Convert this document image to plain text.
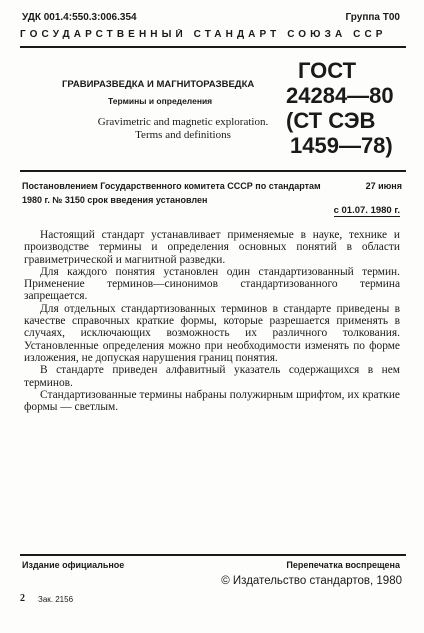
УДК 001.4:550.3:006.354	Группа Т00
ГОСУДАРСТВЕННЫЙ СТАНДАРТ СОЮЗА ССР
ГРАВИРАЗВЕДКА И МАГНИТОРАЗВЕДКА
Термины и определения
Gravimetric and magnetic exploration.
Terms and definitions
ГОСТ
24284—80
(СТ СЭВ
1459—78)
Постановлением Государственного комитета СССР по стандартам	27 июня
1980 г. № 3150 срок введения установлен
с 01.07. 1980 г.

Настоящий стандарт устанавливает применяемые в науке, технике и производстве термины и определения основных понятий в области гравиметрической и магнитной разведки.

Для каждого понятия установлен один стандартизованный термин. Применение терминов—синонимов стандартизованного термина запрещается.

Для отдельных стандартизованных терминов в стандарте приведены в качестве справочных краткие формы, которые разрешается применять в случаях, исключающих возможность их различного толкования. Установленные определения можно при необходимости изменять по форме изложения, не допуская нарушения границ понятия.

В стандарте приведен алфавитный указатель содержащихся в нем терминов.

Стандартизованные термины набраны полужирным шрифтом, их краткие формы — светлым.

Издание официальное	Перепечатка воспрещена
© Издательство стандартов, 1980
2 Зак. 2156
